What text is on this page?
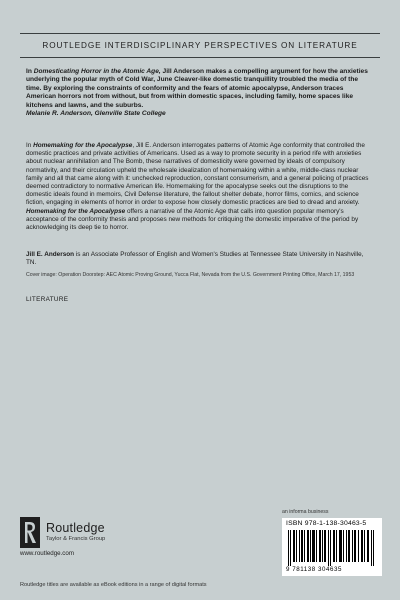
ROUTLEDGE INTERDISCIPLINARY PERSPECTIVES ON LITERATURE

In Domesticating Horror in the Atomic Age, Jill Anderson makes a compelling argument for how the anxieties underlying the popular myth of Cold War, June Cleaver-like domestic tranquillity troubled the media of the time. By exploring the constraints of conformity and the fears of atomic apocalypse, Anderson traces American horrors not from without, but from within domestic spaces, including family, home spaces like kitchens and lawns, and the suburbs.

Melanie R. Anderson, Glenville State College

In Homemaking for the Apocalypse, Jill E. Anderson interrogates patterns of Atomic Age conformity that controlled the domestic practices and private activities of Americans. Used as a way to promote security in a period rife with anxieties about nuclear annihilation and The Bomb, these narratives of domesticity were governed by ideals of compulsory normativity, and their circulation upheld the wholesale idealization of homemaking within a white, middle-class nuclear family and all that came along with it: unchecked reproduction, constant consumerism, and a general policing of practices deemed contradictory to normative American life. Homemaking for the apocalypse seeks out the disruptions to the domestic ideals found in memoirs, Civil Defense literature, the fallout shelter debate, horror films, comics, and science fiction, engaging in elements of horror in order to expose how closely domestic practices are tied to dread and anxiety. Homemaking for the Apocalypse offers a narrative of the Atomic Age that calls into question popular memory's acceptance of the conformity thesis and proposes new methods for critiquing the domestic imperative of the period by acknowledging its deep tie to horror.

Jill E. Anderson is an Associate Professor of English and Women's Studies at Tennessee State University in Nashville, TN.

Cover image: Operation Doorstep: AEC Atomic Proving Ground, Yucca Flat, Nevada from the U.S. Government Printing Office, March 17, 1953

LITERATURE

Routledge
Taylor & Francis Group
www.routledge.com
an informa business
ISBN 978-1-138-30463-5
9 781138 304635
Routledge titles are available as eBook editions in a range of digital formats
